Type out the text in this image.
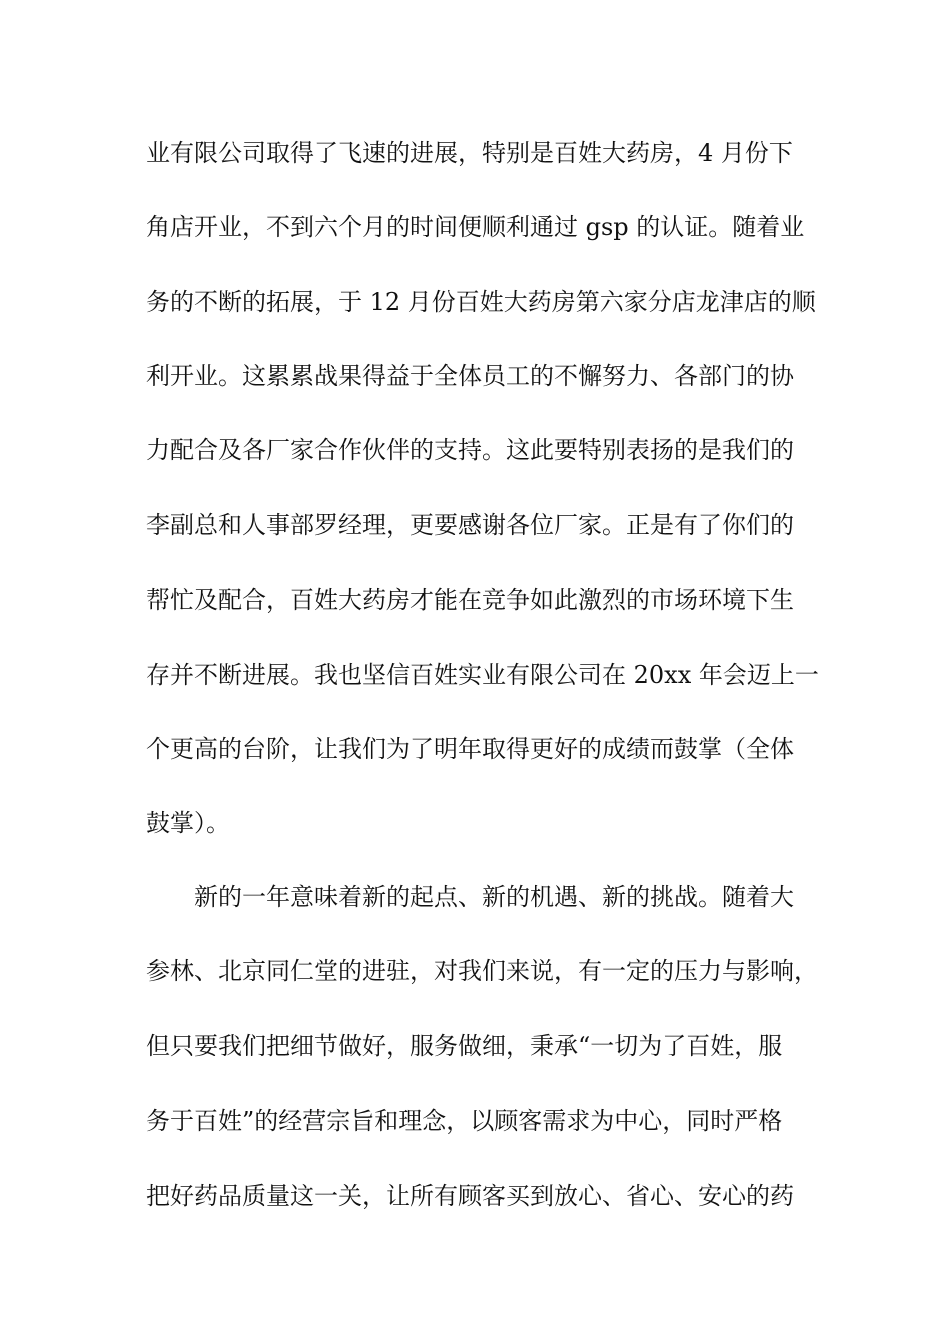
业有限公司取得了飞速的进展，特别是百姓大药房，4 月份下
角店开业，不到六个月的时间便顺利通过 gsp 的认证。随着业
务的不断的拓展，于 12 月份百姓大药房第六家分店龙津店的顺
利开业。这累累战果得益于全体员工的不懈努力、各部门的协
力配合及各厂家合作伙伴的支持。这此要特别表扬的是我们的
李副总和人事部罗经理，更要感谢各位厂家。正是有了你们的
帮忙及配合，百姓大药房才能在竞争如此激烈的市场环境下生
存并不断进展。我也坚信百姓实业有限公司在 20xx 年会迈上一
个更高的台阶，让我们为了明年取得更好的成绩而鼓掌（全体
鼓掌）。
新的一年意味着新的起点、新的机遇、新的挑战。随着大
参林、北京同仁堂的进驻，对我们来说，有一定的压力与影响，
但只要我们把细节做好，服务做细，秉承“一切为了百姓，服
务于百姓”的经营宗旨和理念，以顾客需求为中心，同时严格
把好药品质量这一关，让所有顾客买到放心、省心、安心的药
